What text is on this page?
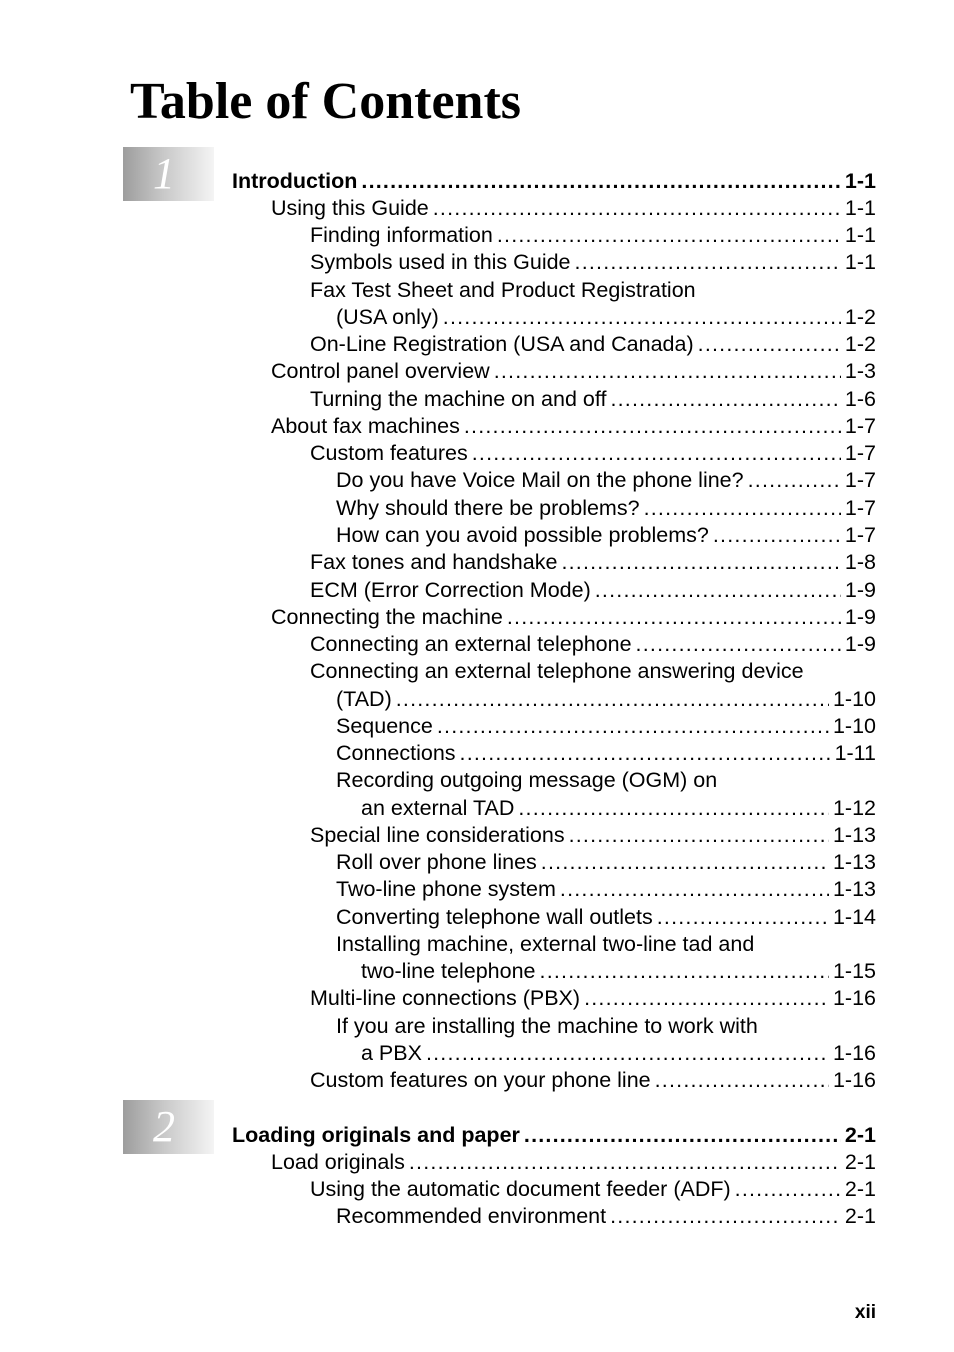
Table of Contents
1
2
Introduction .....	1-1
Using this Guide .....	1-1
Finding information .....	1-1
Symbols used in this Guide .....	1-1
Fax Test Sheet and Product Registration
(USA only) .....	1-2
On-Line Registration (USA and Canada) .....	1-2
Control panel overview .....	1-3
Turning the machine on and off .....	1-6
About fax machines .....	1-7
Custom features .....	1-7
Do you have Voice Mail on the phone line? .....	1-7
Why should there be problems? .....	1-7
How can you avoid possible problems? .....	1-7
Fax tones and handshake .....	1-8
ECM (Error Correction Mode) .....	1-9
Connecting the machine .....	1-9
Connecting an external telephone .....	1-9
Connecting an external telephone answering device
(TAD) .....	1-10
Sequence .....	1-10
Connections .....	1-11
Recording outgoing message (OGM) on
an external TAD .....	1-12
Special line considerations .....	1-13
Roll over phone lines .....	1-13
Two-line phone system .....	1-13
Converting telephone wall outlets .....	1-14
Installing machine, external two-line tad and
two-line telephone .....	1-15
Multi-line connections (PBX) .....	1-16
If you are installing the machine to work with
a PBX .....	1-16
Custom features on your phone line .....	1-16
Loading originals and paper .....	2-1
Load originals .....	2-1
Using the automatic document feeder (ADF) .....	2-1
Recommended environment .....	2-1
xii
